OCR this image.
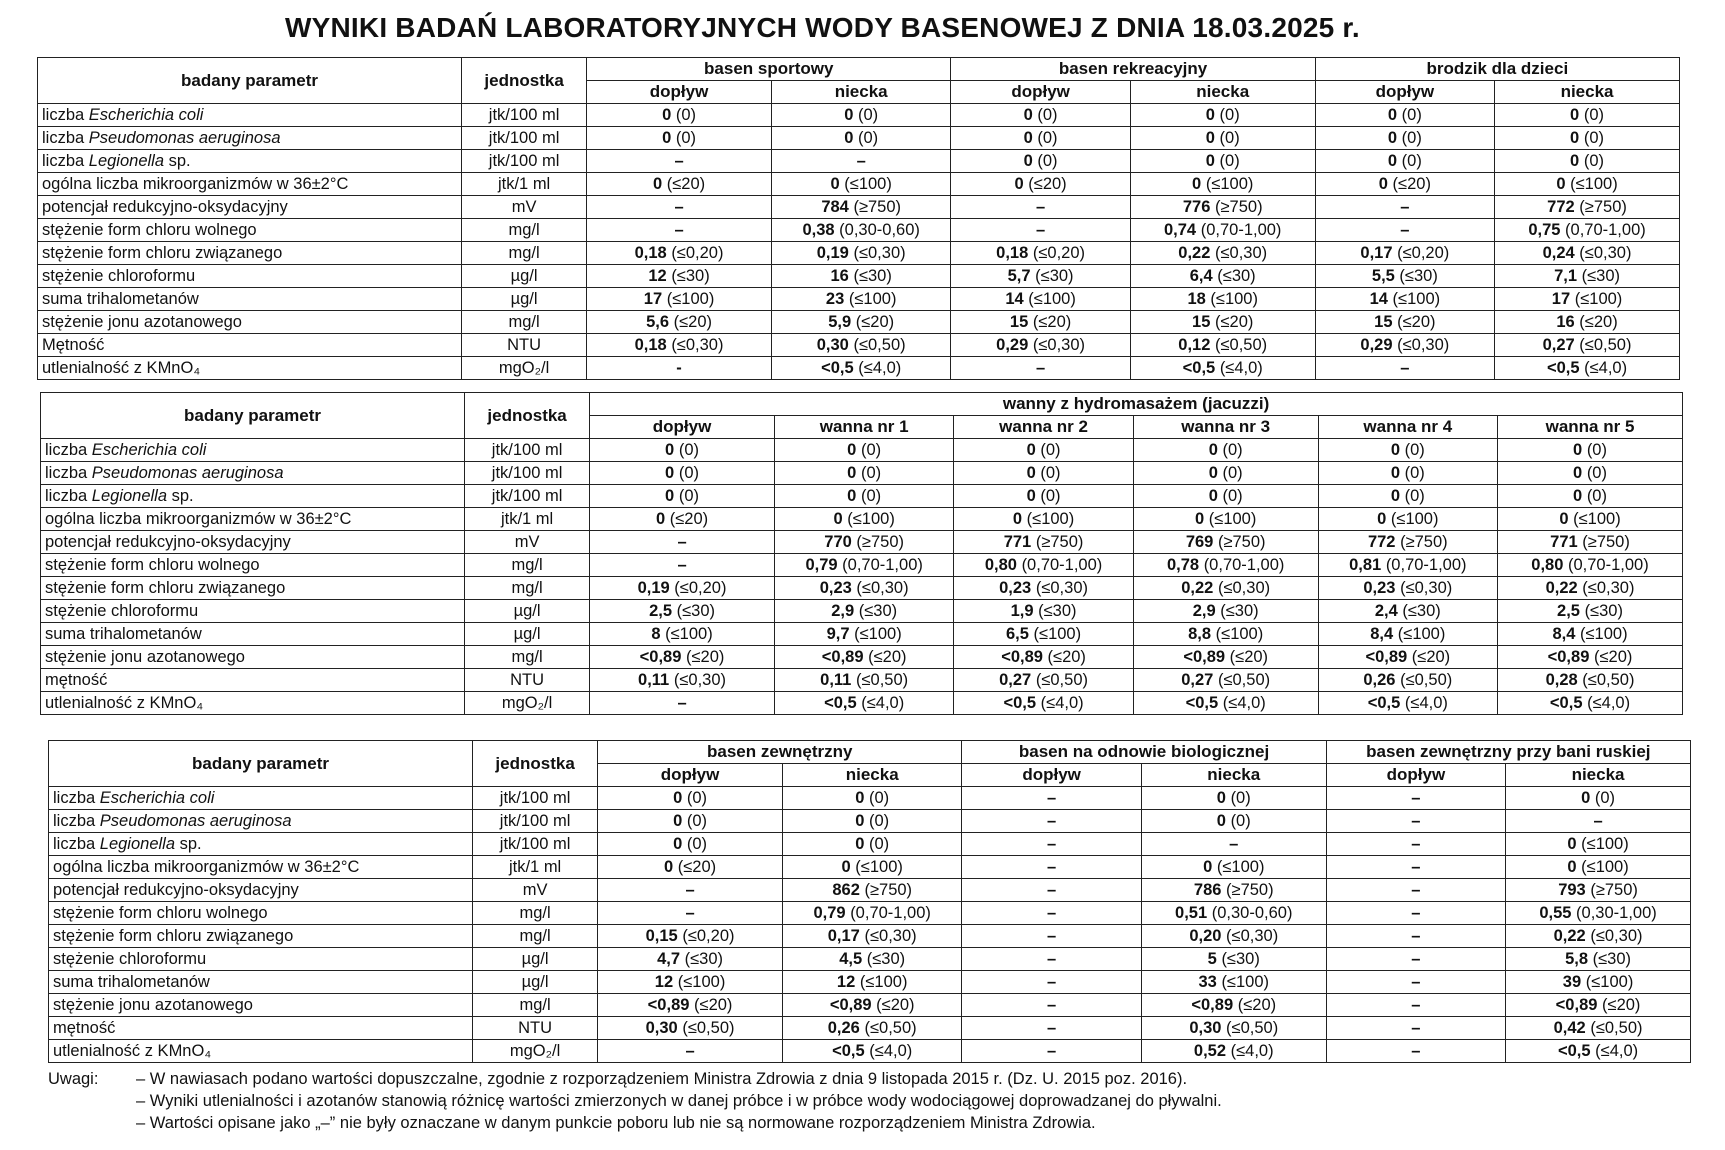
WYNIKI BADAŃ LABORATORYJNYCH WODY BASENOWEJ Z DNIA 18.03.2025 r.
badany parametr	jednostka	basen sportowy		basen rekreacyjny		brodzik dla dzieci	
		dopływ	niecka	dopływ	niecka	dopływ	niecka
liczba Escherichia coli	jtk/100 ml	0 (0)	0 (0)	0 (0)	0 (0)	0 (0)	0 (0)
liczba Pseudomonas aeruginosa	jtk/100 ml	0 (0)	0 (0)	0 (0)	0 (0)	0 (0)	0 (0)
liczba Legionella sp.	jtk/100 ml	–	–	0 (0)	0 (0)	0 (0)	0 (0)
ogólna liczba mikroorganizmów w 36±2°C	jtk/1 ml	0 (≤20)	0 (≤100)	0 (≤20)	0 (≤100)	0 (≤20)	0 (≤100)
potencjał redukcyjno-oksydacyjny	mV	–	784 (≥750)	–	776 (≥750)	–	772 (≥750)
stężenie form chloru wolnego	mg/l	–	0,38 (0,30-0,60)	–	0,74 (0,70-1,00)	–	0,75 (0,70-1,00)
stężenie form chloru związanego	mg/l	0,18 (≤0,20)	0,19 (≤0,30)	0,18 (≤0,20)	0,22 (≤0,30)	0,17 (≤0,20)	0,24 (≤0,30)
stężenie chloroformu	µg/l	12 (≤30)	16 (≤30)	5,7 (≤30)	6,4 (≤30)	5,5 (≤30)	7,1 (≤30)
suma trihalometanów	µg/l	17 (≤100)	23 (≤100)	14 (≤100)	18 (≤100)	14 (≤100)	17 (≤100)
stężenie jonu azotanowego	mg/l	5,6 (≤20)	5,9 (≤20)	15 (≤20)	15 (≤20)	15 (≤20)	16 (≤20)
Mętność	NTU	0,18 (≤0,30)	0,30 (≤0,50)	0,29 (≤0,30)	0,12 (≤0,50)	0,29 (≤0,30)	0,27 (≤0,50)
utlenialność z KMnO₄	mgO₂/l	-	<0,5 (≤4,0)	–	<0,5 (≤4,0)	–	<0,5 (≤4,0)
badany parametr	jednostka	wanny z hydromasażem (jacuzzi)					
		dopływ	wanna nr 1	wanna nr 2	wanna nr 3	wanna nr 4	wanna nr 5
liczba Escherichia coli	jtk/100 ml	0 (0)	0 (0)	0 (0)	0 (0)	0 (0)	0 (0)
liczba Pseudomonas aeruginosa	jtk/100 ml	0 (0)	0 (0)	0 (0)	0 (0)	0 (0)	0 (0)
liczba Legionella sp.	jtk/100 ml	0 (0)	0 (0)	0 (0)	0 (0)	0 (0)	0 (0)
ogólna liczba mikroorganizmów w 36±2°C	jtk/1 ml	0 (≤20)	0 (≤100)	0 (≤100)	0 (≤100)	0 (≤100)	0 (≤100)
potencjał redukcyjno-oksydacyjny	mV	–	770 (≥750)	771 (≥750)	769 (≥750)	772 (≥750)	771 (≥750)
stężenie form chloru wolnego	mg/l	–	0,79 (0,70-1,00)	0,80 (0,70-1,00)	0,78 (0,70-1,00)	0,81 (0,70-1,00)	0,80 (0,70-1,00)
stężenie form chloru związanego	mg/l	0,19 (≤0,20)	0,23 (≤0,30)	0,23 (≤0,30)	0,22 (≤0,30)	0,23 (≤0,30)	0,22 (≤0,30)
stężenie chloroformu	µg/l	2,5 (≤30)	2,9 (≤30)	1,9 (≤30)	2,9 (≤30)	2,4 (≤30)	2,5 (≤30)
suma trihalometanów	µg/l	8 (≤100)	9,7 (≤100)	6,5 (≤100)	8,8 (≤100)	8,4 (≤100)	8,4 (≤100)
stężenie jonu azotanowego	mg/l	<0,89 (≤20)	<0,89 (≤20)	<0,89 (≤20)	<0,89 (≤20)	<0,89 (≤20)	<0,89 (≤20)
mętność	NTU	0,11 (≤0,30)	0,11 (≤0,50)	0,27 (≤0,50)	0,27 (≤0,50)	0,26 (≤0,50)	0,28 (≤0,50)
utlenialność z KMnO₄	mgO₂/l	–	<0,5 (≤4,0)	<0,5 (≤4,0)	<0,5 (≤4,0)	<0,5 (≤4,0)	<0,5 (≤4,0)
badany parametr	jednostka	basen zewnętrzny		basen na odnowie biologicznej		basen zewnętrzny przy bani ruskiej	
		dopływ	niecka	dopływ	niecka	dopływ	niecka
liczba Escherichia coli	jtk/100 ml	0 (0)	0 (0)	–	0 (0)	–	0 (0)
liczba Pseudomonas aeruginosa	jtk/100 ml	0 (0)	0 (0)	–	0 (0)	–	–
liczba Legionella sp.	jtk/100 ml	0 (0)	0 (0)	–	–	–	0 (≤100)
ogólna liczba mikroorganizmów w 36±2°C	jtk/1 ml	0 (≤20)	0 (≤100)	–	0 (≤100)	–	0 (≤100)
potencjał redukcyjno-oksydacyjny	mV	–	862 (≥750)	–	786 (≥750)	–	793 (≥750)
stężenie form chloru wolnego	mg/l	–	0,79 (0,70-1,00)	–	0,51 (0,30-0,60)	–	0,55 (0,30-1,00)
stężenie form chloru związanego	mg/l	0,15 (≤0,20)	0,17 (≤0,30)	–	0,20 (≤0,30)	–	0,22 (≤0,30)
stężenie chloroformu	µg/l	4,7 (≤30)	4,5 (≤30)	–	5 (≤30)	–	5,8 (≤30)
suma trihalometanów	µg/l	12 (≤100)	12 (≤100)	–	33 (≤100)	–	39 (≤100)
stężenie jonu azotanowego	mg/l	<0,89 (≤20)	<0,89 (≤20)	–	<0,89 (≤20)	–	<0,89 (≤20)
mętność	NTU	0,30 (≤0,50)	0,26 (≤0,50)	–	0,30 (≤0,50)	–	0,42 (≤0,50)
utlenialność z KMnO₄	mgO₂/l	–	<0,5 (≤4,0)	–	0,52 (≤4,0)	–	<0,5 (≤4,0)
Uwagi:	– W nawiasach podano wartości dopuszczalne, zgodnie z rozporządzeniem Ministra Zdrowia z dnia 9 listopada 2015 r. (Dz. U. 2015 poz. 2016).
– Wyniki utlenialności i azotanów stanowią różnicę wartości zmierzonych w danej próbce i w próbce wody wodociągowej doprowadzanej do pływalni.
– Wartości opisane jako „–” nie były oznaczane w danym punkcie poboru lub nie są normowane rozporządzeniem Ministra Zdrowia.
